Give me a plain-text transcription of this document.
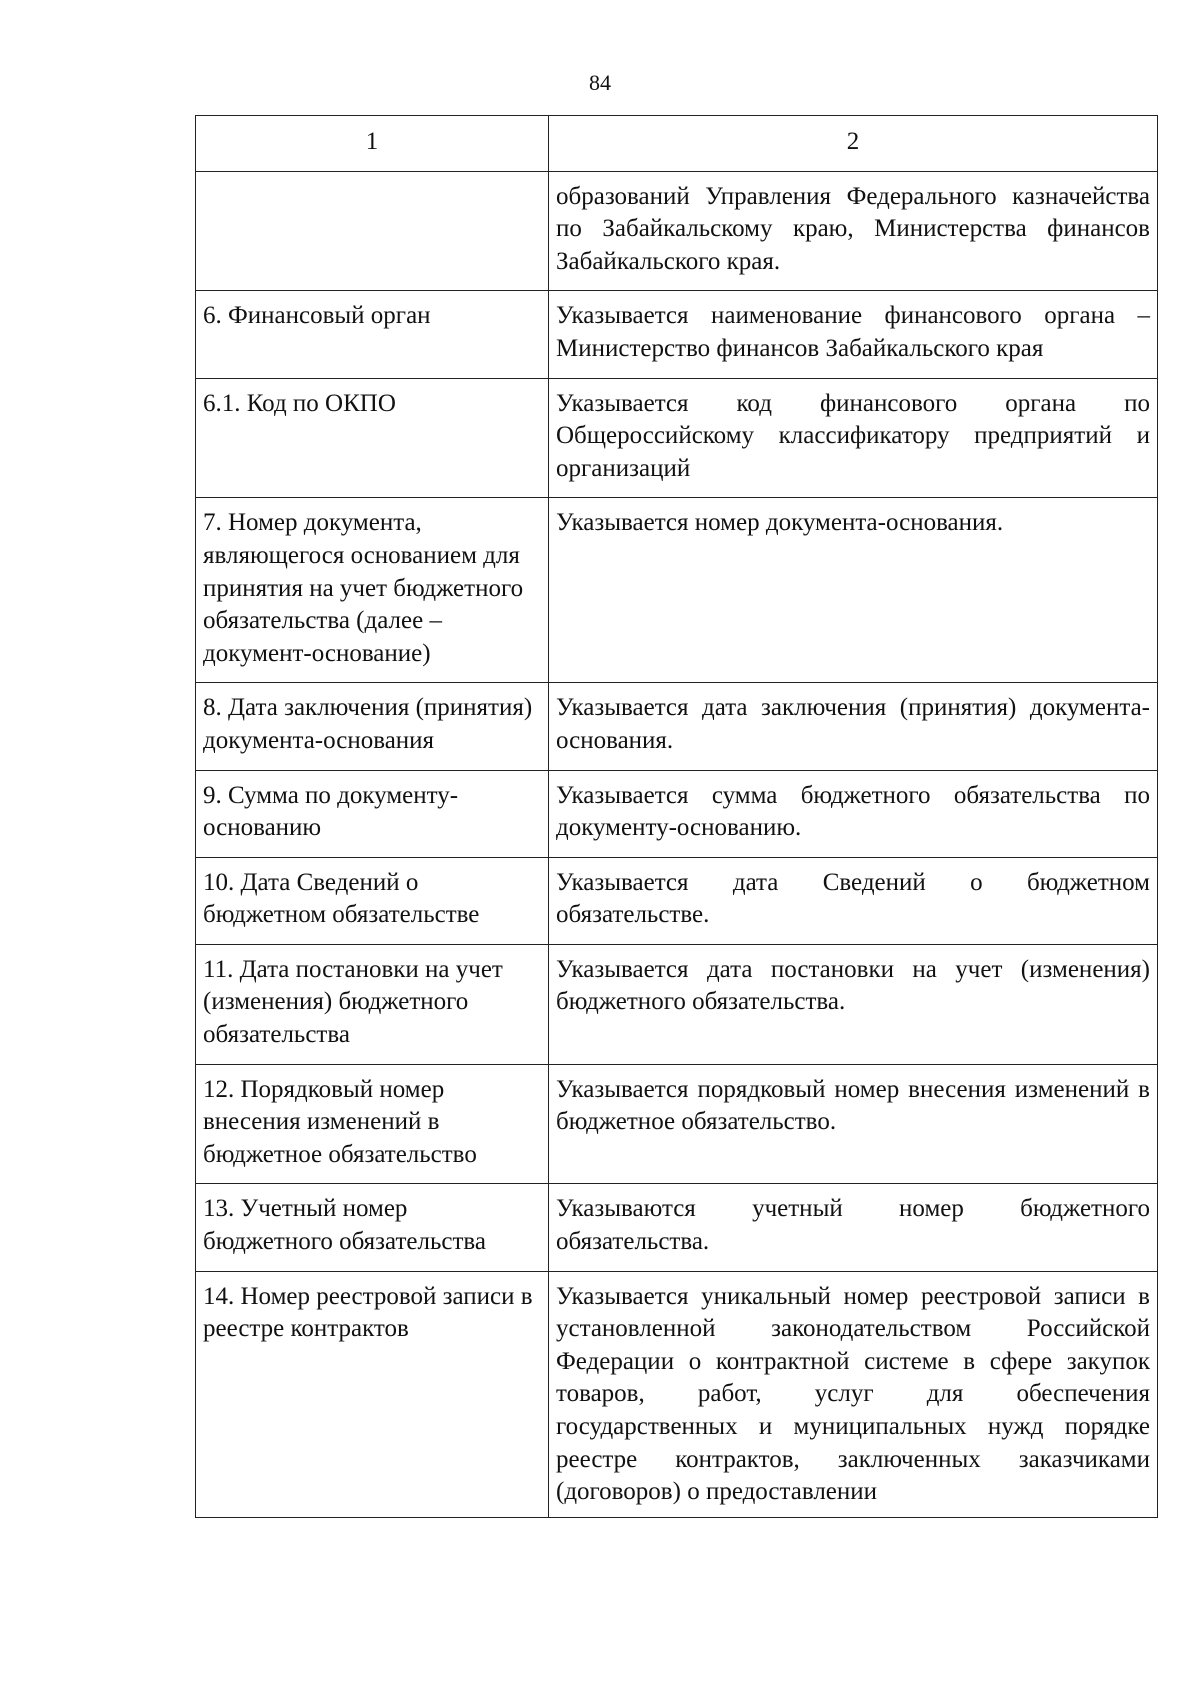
84
1	2
	образований Управления Федерального казначейства по Забайкальскому краю, Министерства финансов Забайкальского края.
6. Финансовый орган	Указывается наименование финансового органа – Министерство финансов Забайкальского края
6.1. Код по ОКПО	Указывается код финансового органа по Общероссийскому классификатору предприятий и организаций
7. Номер документа, являющегося основанием для принятия на учет бюджетного обязательства (далее – документ-основание)	Указывается номер документа-основания.
8. Дата заключения (принятия) документа-основания	Указывается дата заключения (принятия) документа-основания.
9. Сумма по документу-основанию	Указывается сумма бюджетного обязательства по документу-основанию.
10. Дата Сведений о бюджетном обязательстве	Указывается дата Сведений о бюджетном обязательстве.
11. Дата постановки на учет (изменения) бюджетного обязательства	Указывается дата постановки на учет (изменения) бюджетного обязательства.
12. Порядковый номер внесения изменений в бюджетное обязательство	Указывается порядковый номер внесения изменений в бюджетное обязательство.
13. Учетный номер бюджетного обязательства	Указываются учетный номер бюджетного обязательства.
14. Номер реестровой записи в реестре контрактов	Указывается уникальный номер реестровой записи в установленной законодательством Российской Федерации о контрактной системе в сфере закупок товаров, работ, услуг для обеспечения государственных и муниципальных нужд порядке реестре контрактов, заключенных заказчиками (договоров) о предоставлении
